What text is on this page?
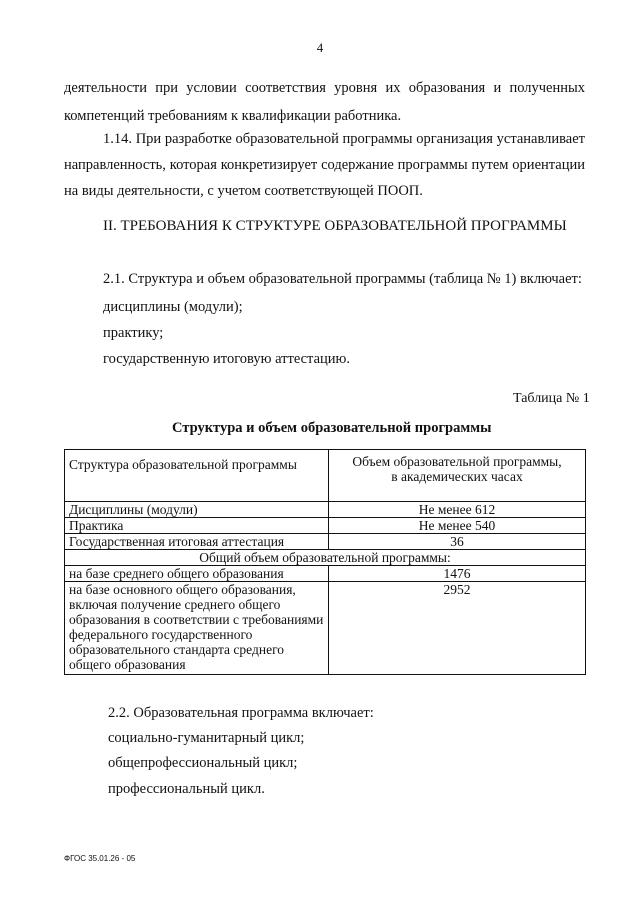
4
деятельности при условии соответствия уровня их образования и полученных
компетенций требованиям к квалификации работника.
1.14. При разработке образовательной программы организация устанавливает
направленность, которая конкретизирует содержание программы путем ориентации
на виды деятельности, с учетом соответствующей ПООП.
II. ТРЕБОВАНИЯ К СТРУКТУРЕ ОБРАЗОВАТЕЛЬНОЙ ПРОГРАММЫ
2.1. Структура и объем образовательной программы (таблица № 1) включает:
дисциплины (модули);
практику;
государственную итоговую аттестацию.
Таблица № 1
Структура и объем образовательной программы
Структура образовательной программы	Объем образовательной программы,
в академических часах

Дисциплины (модули)	Не менее 612
Практика	Не менее 540
Государственная итоговая аттестация	36
Общий объем образовательной программы:	
на базе среднего общего образования	1476
на базе основного общего образования, включая получение среднего общего образования в соответствии с требованиями федерального государственного образовательного стандарта среднего общего образования	2952
2.2. Образовательная программа включает:
социально-гуманитарный цикл;
общепрофессиональный цикл;
профессиональный цикл.
ФГОС 35.01.26 - 05
